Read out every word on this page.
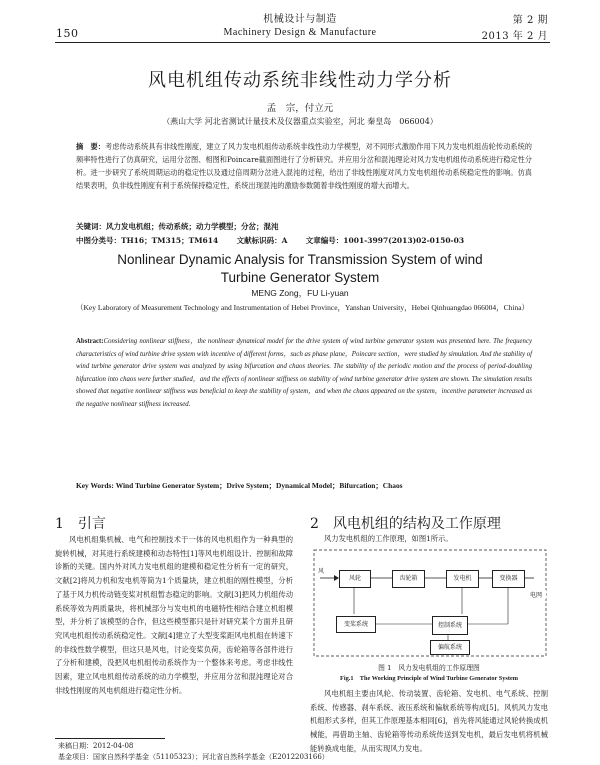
机械设计与制造
150	Machinery Design & Manufacture
第 2 期
2013 年 2 月
风电机组传动系统非线性动力学分析
孟　宗，付立元
（燕山大学 河北省测试计量技术及仪器重点实验室，河北 秦皇岛　066004）
摘　要：考虑传动系统具有非线性刚度，建立了风力发电机组传动系统非线性动力学模型，对不同形式激励作用下风力发电机组齿轮传动系统的频率特性进行了仿真研究，运用分岔图、相图和Poincare截面图进行了分析研究。并应用分岔和混沌理论对风力发电机组传动系统进行稳定性分析。进一步研究了系统周期运动的稳定性以及通过倍周期分岔进入混沌的过程，给出了非线性刚度对风力发电机组传动系统稳定性的影响。仿真结果表明，负非线性刚度有利于系统保持稳定性，系统出现混沌的激励参数随着非线性刚度的增大而增大。
关键词：风力发电机组；传动系统；动力学模型；分岔；混沌
中图分类号：TH16；TM315；TM614 文献标识码：A 文章编号：1001-3997(2013)02-0150-03
Nonlinear Dynamic Analysis for Transmission System of wind
Turbine Generator System
MENG Zong，FU Li-yuan
（Key Laboratory of Measurement Technology and Instrumentation of Hebei Province，Yanshan University，Hebei Qinhuangdao 066004，China）
Abstract:Considering nonlinear stiffness，the nonlinear dynamical model for the drive system of wind turbine generator system was presented here. The frequency characteristics of wind turbine drive system with incentive of different forms，such as phase plane，Poincare section，were studied by simulation. And the stability of wind turbine generator drive system was analyzed by using bifurcation and chaos theories. The stability of the periodic motion and the process of period-doubling bifurcation into chaos were further studied，and the effects of nonlinear stiffness on stability of wind turbine generator drive system are shown. The simulation results showed that negative nonlinear stiffness was beneficial to keep the stability of system，and when the chaos appeared on the system，incentive parameter increased as the negative nonlinear stiffness increased.
Key Words: Wind Turbine Generator System；Drive System；Dynamical Model；Bifurcation；Chaos
1　引言
风电机组集机械、电气和控制技术于一体的风电机组作为一种典型的旋转机械，对其进行系统建模和动态特性[1]等风电机组设计、控制和故障诊断的关键。国内外对风力发电机组的建模和稳定性分析有一定的研究，文献[2]将风力机和发电机等简为1个质量块，建立机组的刚性模型，分析了基于风力机传动链变桨对机组暂态稳定的影响。文献[3]把风力机组传动系统等效为两质量块，将机械部分与发电机的电磁特性相结合建立机组模型，并分析了该模型的合作，但这些模型都只是针对研究某个方面并且研究风电机组传动系统稳定性。文献[4]建立了大型变桨距风电机组在转速下的非线性数学模型，但这只是风电，讨论变桨负荷，齿轮箱等各部件进行了分析和建模，没把风电机组传动系统作为一个整体来考虑。考虑非线性因素，建立风电机组传动系统的动力学模型，并应用分岔和混沌理论对合非线性刚度的风电机组进行稳定性分析。
2　风电机组的结构及工作原理
风力发电机组的工作原理，如图1所示。
风
风轮	齿轮箱	发电机	变换器
电网
变桨系统	控制系统
偏航系统
图 1　风力发电机组的工作原理图
Fig.1　The Working Principle of Wind Turbine Generator System
风电机组主要由风轮、传动装置、齿轮箱、发电机、电气系统、控制系统、传感器、刹车系统、液压系统和偏航系统等构成[5]。风机风力发电机组形式多样，但其工作原理基本相同[6]，首先将风能通过风轮转换成机械能，再借助主轴、齿轮箱等传动系统传送到发电机，最后发电机将机械能转换成电能，从而实现风力发电。
来稿日期：2012-04-08
基金项目：国家自然科学基金（51105323）；河北省自然科学基金（E2012203166）
